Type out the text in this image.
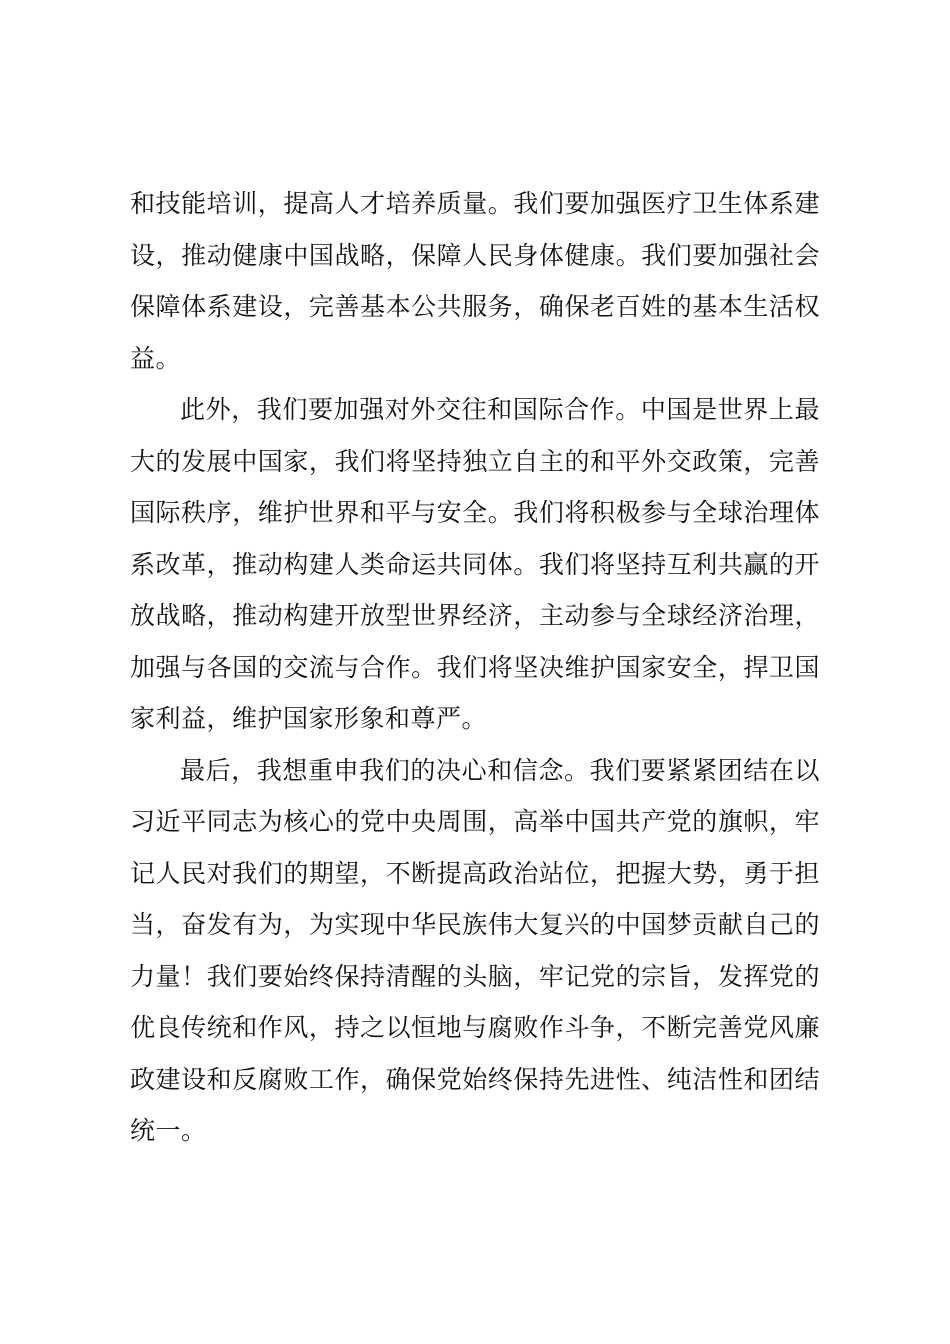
和技能培训，提高人才培养质量。我们要加强医疗卫生体系建设，推动健康中国战略，保障人民身体健康。我们要加强社会保障体系建设，完善基本公共服务，确保老百姓的基本生活权益。

此外，我们要加强对外交往和国际合作。中国是世界上最大的发展中国家，我们将坚持独立自主的和平外交政策，完善国际秩序，维护世界和平与安全。我们将积极参与全球治理体系改革，推动构建人类命运共同体。我们将坚持互利共赢的开放战略，推动构建开放型世界经济，主动参与全球经济治理，加强与各国的交流与合作。我们将坚决维护国家安全，捍卫国家利益，维护国家形象和尊严。

最后，我想重申我们的决心和信念。我们要紧紧团结在以习近平同志为核心的党中央周围，高举中国共产党的旗帜，牢记人民对我们的期望，不断提高政治站位，把握大势，勇于担当，奋发有为，为实现中华民族伟大复兴的中国梦贡献自己的力量！我们要始终保持清醒的头脑，牢记党的宗旨，发挥党的优良传统和作风，持之以恒地与腐败作斗争，不断完善党风廉政建设和反腐败工作，确保党始终保持先进性、纯洁性和团结统一。
